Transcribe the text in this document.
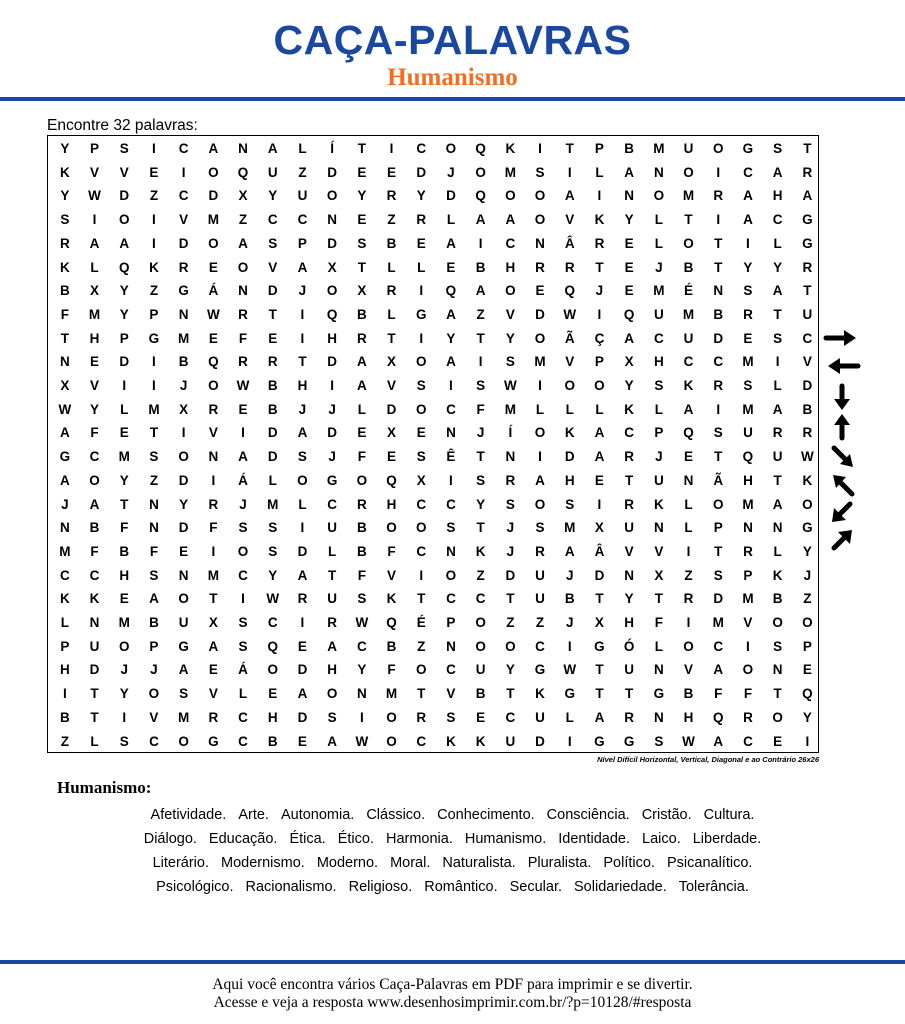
CAÇA-PALAVRAS
Humanismo
Encontre 32 palavras:
Y	P	S	I	C	A	N	A	L	Í	T	I	C	O	Q	K	I	T	P	B	M	U	O	G	S	T
K	V	V	E	I	O	Q	U	Z	D	E	E	D	J	O	M	S	I	L	A	N	O	I	C	A	R
Y	W	D	Z	C	D	X	Y	U	O	Y	R	Y	D	Q	O	O	A	I	N	O	M	R	A	H	A
S	I	O	I	V	M	Z	C	C	N	E	Z	R	L	A	A	O	V	K	Y	L	T	I	A	C	G
R	A	A	I	D	O	A	S	P	D	S	B	E	A	I	C	N	Â	R	E	L	O	T	I	L	G
K	L	Q	K	R	E	O	V	A	X	T	L	L	E	B	H	R	R	T	E	J	B	T	Y	Y	R
B	X	Y	Z	G	Á	N	D	J	O	X	R	I	Q	A	O	E	Q	J	E	M	É	N	S	A	T
F	M	Y	P	N	W	R	T	I	Q	B	L	G	A	Z	V	D	W	I	Q	U	M	B	R	T	U
T	H	P	G	M	E	F	E	I	H	R	T	I	Y	T	Y	O	Ã	Ç	A	C	U	D	E	S	C
N	E	D	I	B	Q	R	R	T	D	A	X	O	A	I	S	M	V	P	X	H	C	C	M	I	V
X	V	I	I	J	O	W	B	H	I	A	V	S	I	S	W	I	O	O	Y	S	K	R	S	L	D
W	Y	L	M	X	R	E	B	J	J	L	D	O	C	F	M	L	L	L	K	L	A	I	M	A	B
A	F	E	T	I	V	I	D	A	D	E	X	E	N	J	Í	O	K	A	C	P	Q	S	U	R	R
G	C	M	S	O	N	A	D	S	J	F	E	S	Ê	T	N	I	D	A	R	J	E	T	Q	U	W
A	O	Y	Z	D	I	Á	L	O	G	O	Q	X	I	S	R	A	H	E	T	U	N	Ã	H	T	K
J	A	T	N	Y	R	J	M	L	C	R	H	C	C	Y	S	O	S	I	R	K	L	O	M	A	O
N	B	F	N	D	F	S	S	I	U	B	O	O	S	T	J	S	M	X	U	N	L	P	N	N	G
M	F	B	F	E	I	O	S	D	L	B	F	C	N	K	J	R	A	Â	V	V	I	T	R	L	Y
C	C	H	S	N	M	C	Y	A	T	F	V	I	O	Z	D	U	J	D	N	X	Z	S	P	K	J
K	K	E	A	O	T	I	W	R	U	S	K	T	C	C	T	U	B	T	Y	T	R	D	M	B	Z
L	N	M	B	U	X	S	C	I	R	W	Q	É	P	O	Z	Z	J	X	H	F	I	M	V	O	O
P	U	O	P	G	A	S	Q	E	A	C	B	Z	N	O	O	C	I	G	Ó	L	O	C	I	S	P
H	D	J	J	A	E	Á	O	D	H	Y	F	O	C	U	Y	G	W	T	U	N	V	A	O	N	E
I	T	Y	O	S	V	L	E	A	O	N	M	T	V	B	T	K	G	T	T	G	B	F	F	T	Q
B	T	I	V	M	R	C	H	D	S	I	O	R	S	E	C	U	L	A	R	N	H	Q	R	O	Y
Z	L	S	C	O	G	C	B	E	A	W	O	C	K	K	U	D	I	G	G	S	W	A	C	E	I
Nível Difícil Horizontal, Vertical, Diagonal e ao Contrário 26x26
Humanismo:
Afetividade. Arte. Autonomia. Clássico. Conhecimento. Consciência. Cristão. Cultura.
Diálogo. Educação. Ética. Ético. Harmonia. Humanismo. Identidade. Laico. Liberdade.
Literário. Modernismo. Moderno. Moral. Naturalista. Pluralista. Político. Psicanalítico.
Psicológico. Racionalismo. Religioso. Romântico. Secular. Solidariedade. Tolerância.
Aqui você encontra vários Caça-Palavras em PDF para imprimir e se divertir.
Acesse e veja a resposta www.desenhosimprimir.com.br/?p=10128/#resposta
